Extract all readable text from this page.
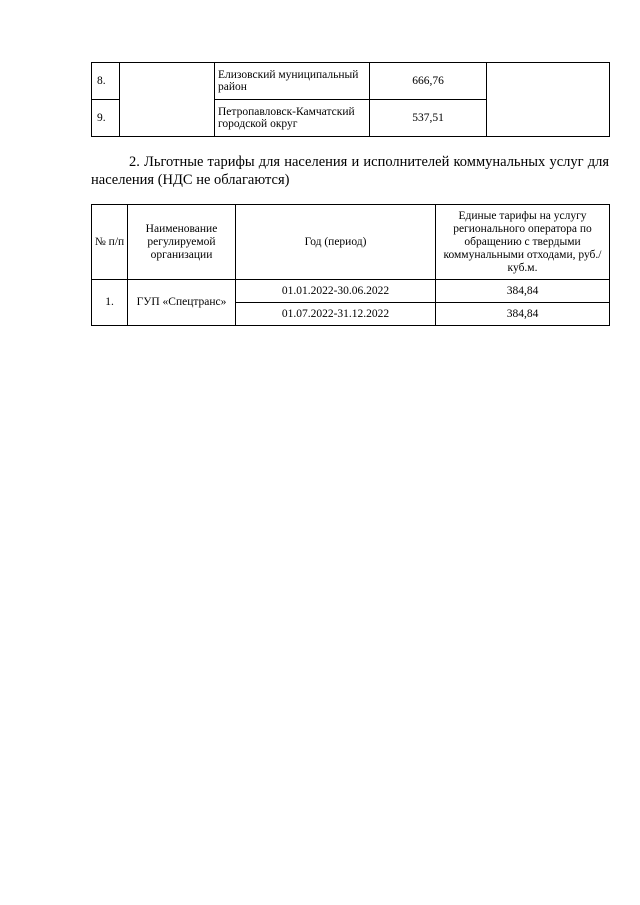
8.		Елизовский муниципальный район	666,76	
9.		Петропавловск-Камчатский городской округ	537,51	

2. Льготные тарифы для населения и исполнителей коммунальных услуг для населения (НДС не облагаются)

№ п/п	Наименование регулируемой организации	Год (период)	Единые тарифы на услугу регионального оператора по обращению с твердыми коммунальными отходами, руб./куб.м.
1.	ГУП «Спецтранс»	01.01.2022-30.06.2022	384,84
		01.07.2022-31.12.2022	384,84
